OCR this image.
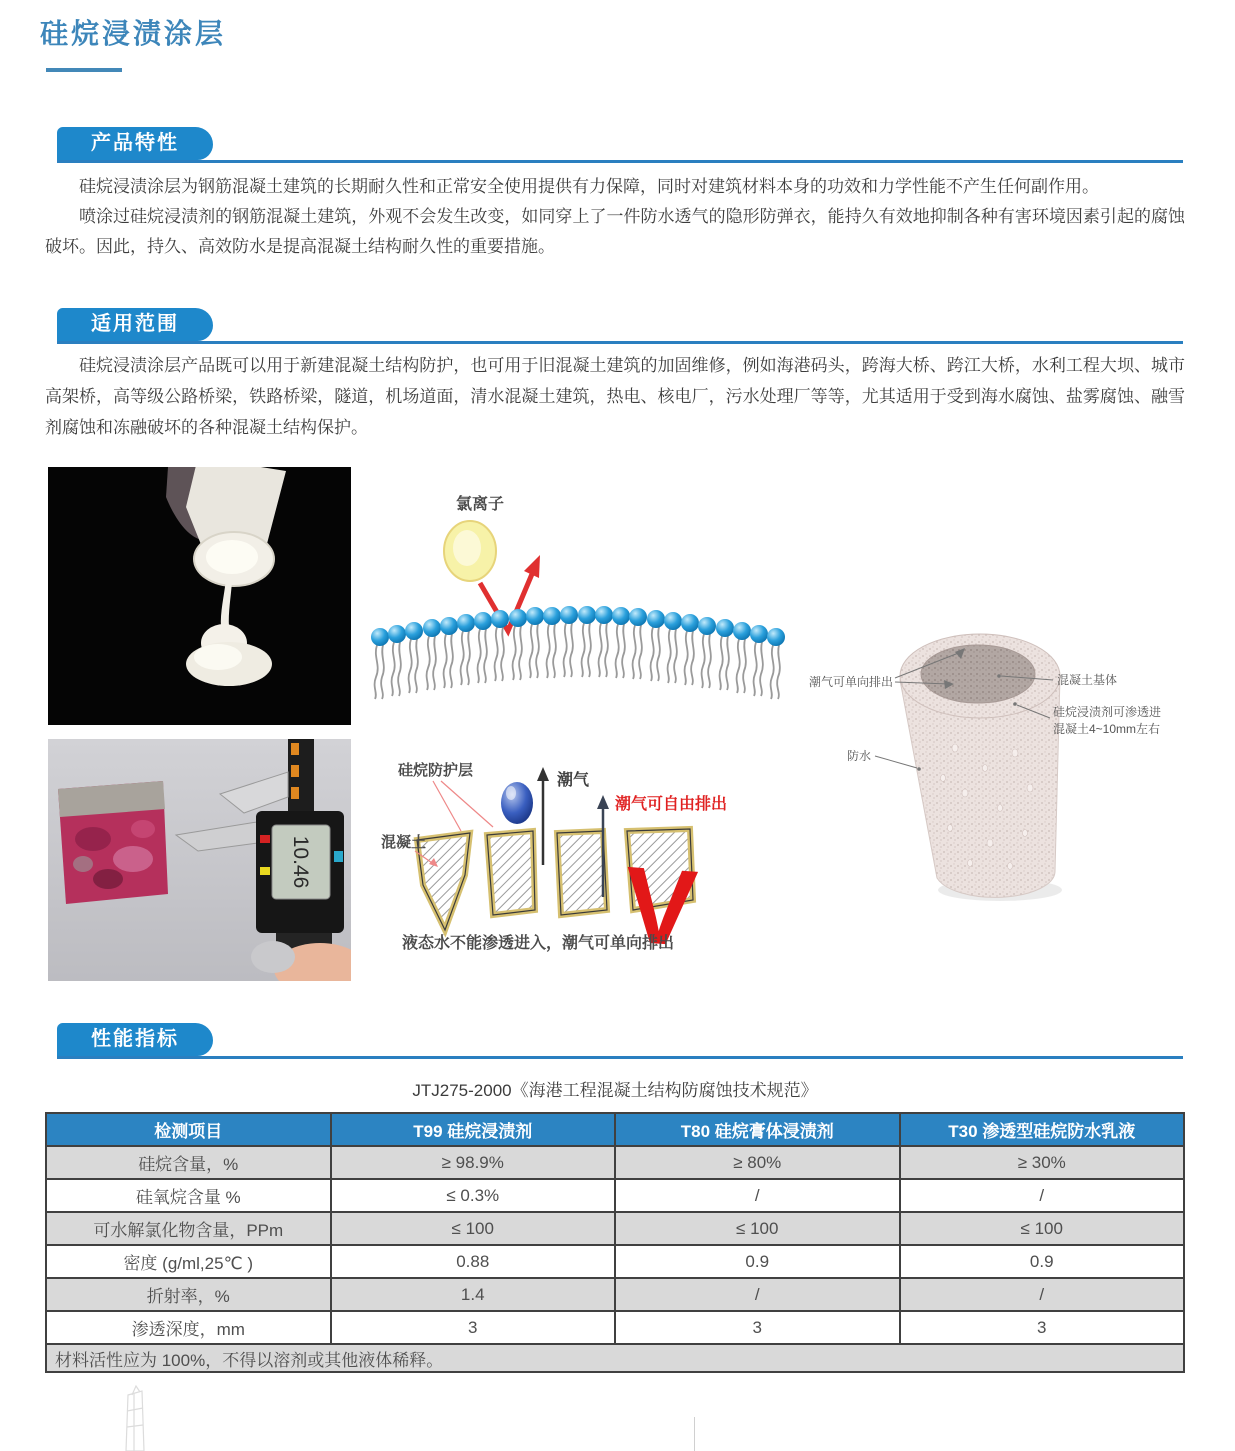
硅烷浸渍涂层
产品特性

硅烷浸渍涂层为钢筋混凝土建筑的长期耐久性和正常安全使用提供有力保障，同时对建筑材料本身的功效和力学性能不产生任何副作用。

喷涂过硅烷浸渍剂的钢筋混凝土建筑，外观不会发生改变，如同穿上了一件防水透气的隐形防弹衣，能持久有效地抑制各种有害环境因素引起的腐蚀破坏。因此，持久、高效防水是提高混凝土结构耐久性的重要措施。

适用范围

硅烷浸渍涂层产品既可以用于新建混凝土结构防护，也可用于旧混凝土建筑的加固维修，例如海港码头，跨海大桥、跨江大桥，水利工程大坝、城市高架桥，高等级公路桥梁，铁路桥梁，隧道，机场道面，清水混凝土建筑，热电、核电厂，污水处理厂等等，尤其适用于受到海水腐蚀、盐雾腐蚀、融雪剂腐蚀和冻融破坏的各种混凝土结构保护。

氯离子
潮气可单向排出
防水
混凝土基体
硅烷浸渍剂可渗透进
混凝土4~10mm左右
10.46
潮气
潮气可自由排出
硅烷防护层
混凝土
V
液态水不能渗透进入，潮气可单向排出
性能指标
JTJ275-2000《海港工程混凝土结构防腐蚀技术规范》
检测项目	T99 硅烷浸渍剂	T80 硅烷膏体浸渍剂	T30 渗透型硅烷防水乳液
硅烷含量，%	≥ 98.9%	≥ 80%	≥ 30%
硅氧烷含量 %	≤ 0.3%	/	/
可水解氯化物含量，PPm	≤ 100	≤ 100	≤ 100
密度 (g/ml,25℃ )	0.88	0.9	0.9
折射率，%	1.4	/	/
渗透深度，mm	3	3	3
材料活性应为 100%，不得以溶剂或其他液体稀释。			
